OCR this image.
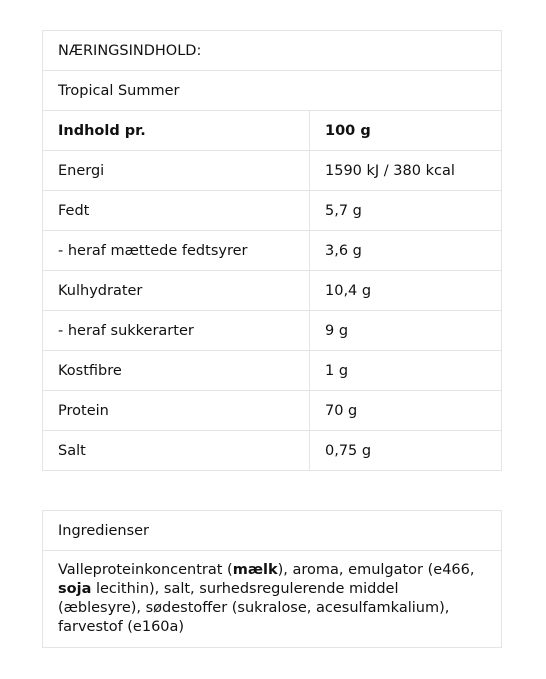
NÆRINGSINDHOLD:	
Tropical Summer	
Indhold pr.	100 g
Energi	1590 kJ / 380 kcal
Fedt	5,7 g
- heraf mættede fedtsyrer	3,6 g
Kulhydrater	10,4 g
- heraf sukkerarter	9 g
Kostfibre	1 g
Protein	70 g
Salt	0,75 g
Ingredienser
Valleproteinkoncentrat (mælk), aroma, emulgator (e466, soja lecithin), salt, surhedsregulerende middel (æblesyre), sødestoffer (sukralose, acesulfamkalium), farvestof (e160a)
